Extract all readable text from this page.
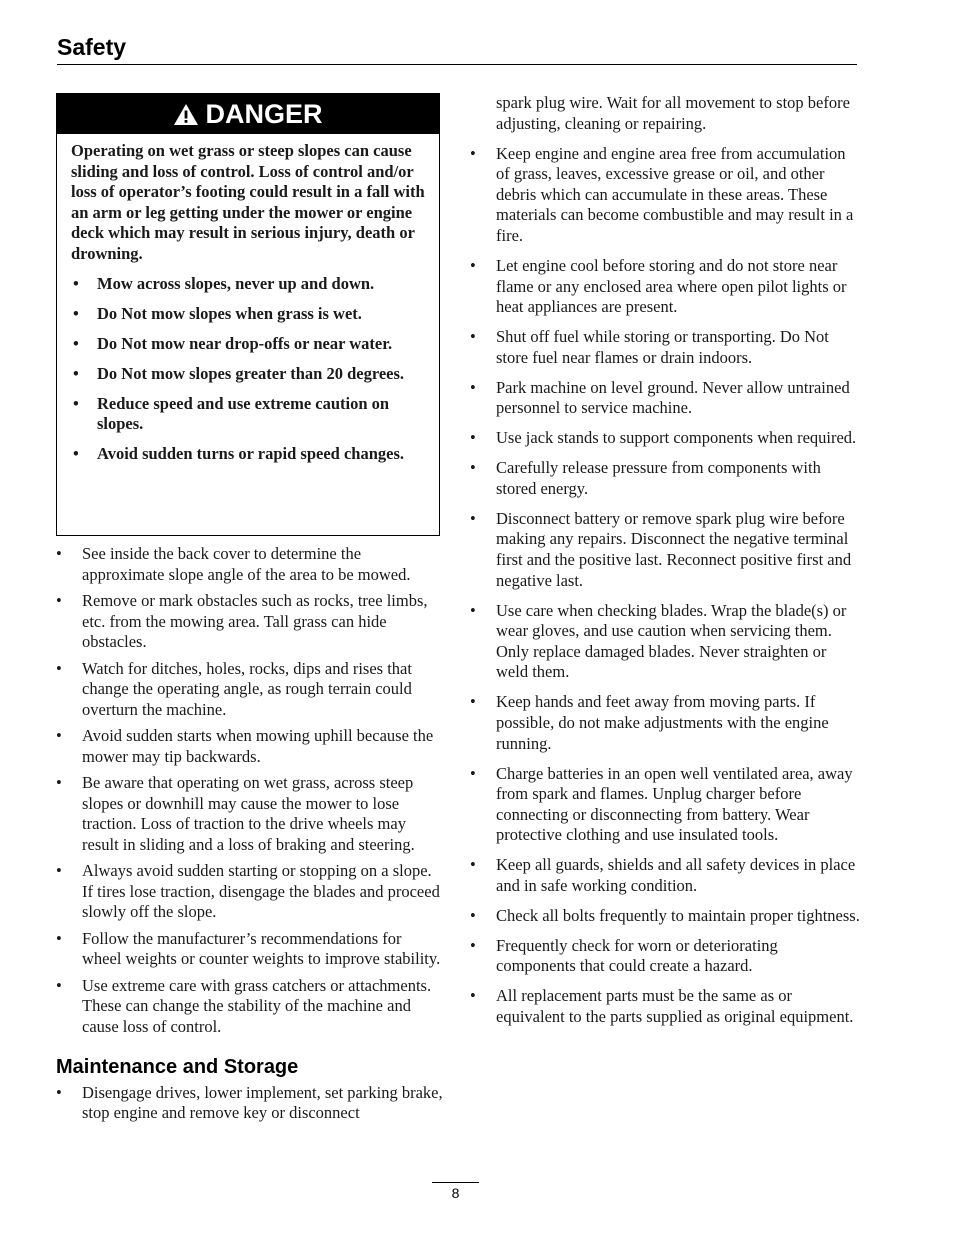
Safety
DANGER

Operating on wet grass or steep slopes can cause sliding and loss of control. Loss of control and/or loss of operator’s footing could result in a fall with an arm or leg getting under the mower or engine deck which may result in serious injury, death or drowning.

• Mow across slopes, never up and down.
• Do Not mow slopes when grass is wet.
• Do Not mow near drop-offs or near water.
• Do Not mow slopes greater than 20 degrees.
• Reduce speed and use extreme caution on slopes.
• Avoid sudden turns or rapid speed changes.
• See inside the back cover to determine the approximate slope angle of the area to be mowed.
• Remove or mark obstacles such as rocks, tree limbs, etc. from the mowing area. Tall grass can hide obstacles.
• Watch for ditches, holes, rocks, dips and rises that change the operating angle, as rough terrain could overturn the machine.
• Avoid sudden starts when mowing uphill because the mower may tip backwards.
• Be aware that operating on wet grass, across steep slopes or downhill may cause the mower to lose traction. Loss of traction to the drive wheels may result in sliding and a loss of braking and steering.
• Always avoid sudden starting or stopping on a slope. If tires lose traction, disengage the blades and proceed slowly off the slope.
• Follow the manufacturer’s recommendations for wheel weights or counter weights to improve stability.
• Use extreme care with grass catchers or attachments. These can change the stability of the machine and cause loss of control.
Maintenance and Storage
• Disengage drives, lower implement, set parking brake, stop engine and remove key or disconnect

spark plug wire. Wait for all movement to stop before adjusting, cleaning or repairing.

• Keep engine and engine area free from accumulation of grass, leaves, excessive grease or oil, and other debris which can accumulate in these areas. These materials can become combustible and may result in a fire.
• Let engine cool before storing and do not store near flame or any enclosed area where open pilot lights or heat appliances are present.
• Shut off fuel while storing or transporting. Do Not store fuel near flames or drain indoors.
• Park machine on level ground. Never allow untrained personnel to service machine.
• Use jack stands to support components when required.
• Carefully release pressure from components with stored energy.
• Disconnect battery or remove spark plug wire before making any repairs. Disconnect the negative terminal first and the positive last. Reconnect positive first and negative last.
• Use care when checking blades. Wrap the blade(s) or wear gloves, and use caution when servicing them. Only replace damaged blades. Never straighten or weld them.
• Keep hands and feet away from moving parts. If possible, do not make adjustments with the engine running.
• Charge batteries in an open well ventilated area, away from spark and flames. Unplug charger before connecting or disconnecting from battery. Wear protective clothing and use insulated tools.
• Keep all guards, shields and all safety devices in place and in safe working condition.
• Check all bolts frequently to maintain proper tightness.
• Frequently check for worn or deteriorating components that could create a hazard.
• All replacement parts must be the same as or equivalent to the parts supplied as original equipment.
8
